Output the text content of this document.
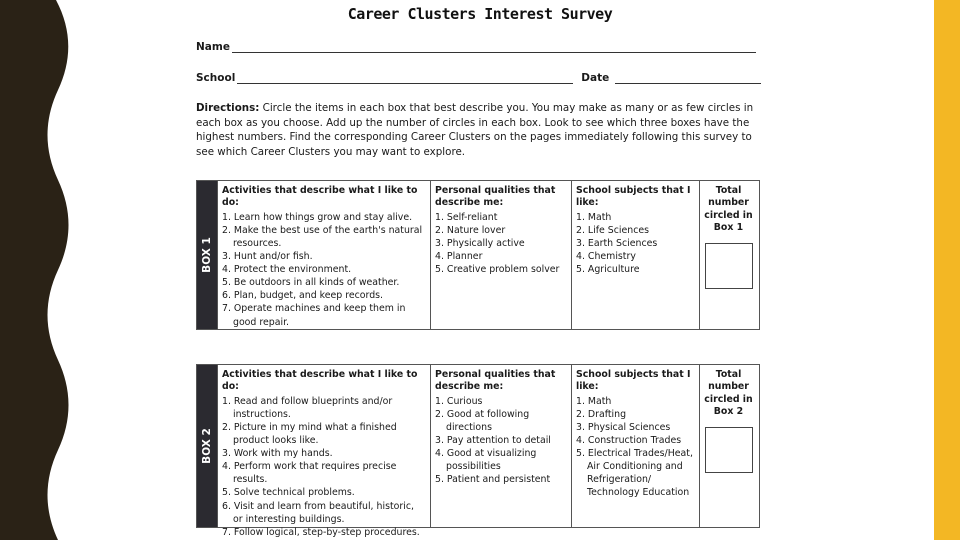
Career Clusters Interest Survey
Name
School	Date
Directions: Circle the items in each box that best describe you. You may make as many or as few circles in each box as you choose. Add up the number of circles in each box. Look to see which three boxes have the highest numbers. Find the corresponding Career Clusters on the pages immediately following this survey to see which Career Clusters you may want to explore.
BOX 1
Activities that describe what I like to do:
1. Learn how things grow and stay alive.
2. Make the best use of the earth's natural resources.
3. Hunt and/or fish.
4. Protect the environment.
5. Be outdoors in all kinds of weather.
6. Plan, budget, and keep records.
7. Operate machines and keep them in good repair.
Personal qualities that describe me:
1. Self-reliant
2. Nature lover
3. Physically active
4. Planner
5. Creative problem solver
School subjects that I like:
1. Math
2. Life Sciences
3. Earth Sciences
4. Chemistry
5. Agriculture
Total number circled in Box 1
BOX 2
Activities that describe what I like to do:
1. Read and follow blueprints and/or instructions.
2. Picture in my mind what a finished product looks like.
3. Work with my hands.
4. Perform work that requires precise results.
5. Solve technical problems.
6. Visit and learn from beautiful, historic, or interesting buildings.
7. Follow logical, step-by-step procedures.
Personal qualities that describe me:
1. Curious
2. Good at following directions
3. Pay attention to detail
4. Good at visualizing possibilities
5. Patient and persistent
School subjects that I like:
1. Math
2. Drafting
3. Physical Sciences
4. Construction Trades
5. Electrical Trades/Heat, Air Conditioning and Refrigeration/ Technology Education
Total number circled in Box 2
